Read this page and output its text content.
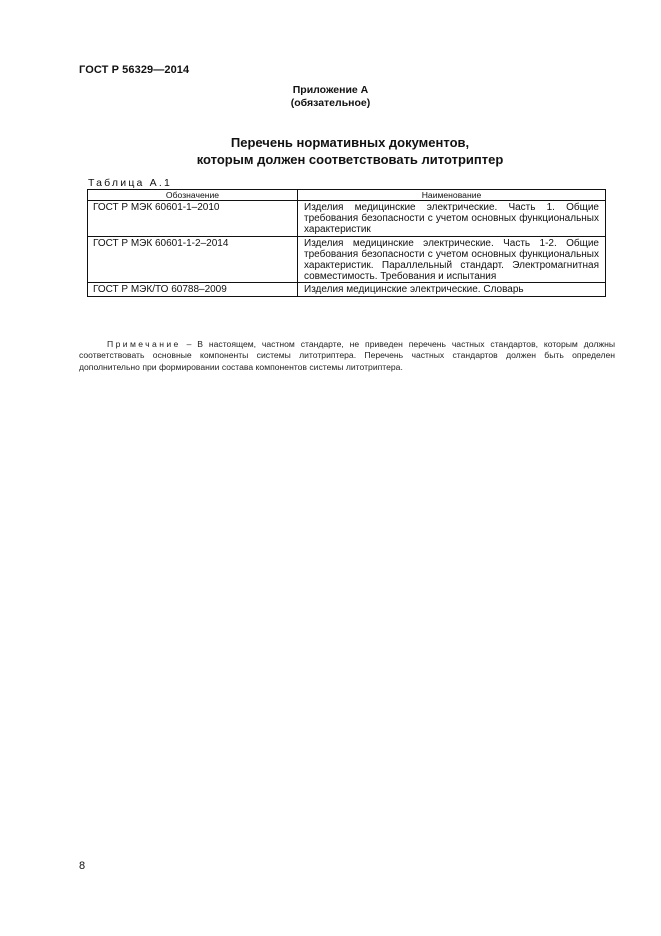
ГОСТ Р 56329—2014
Приложение А
(обязательное)
Перечень нормативных документов,
которым должен соответствовать литотриптер
Таблица А.1
Обозначение	Наименование
ГОСТ Р МЭК 60601-1–2010	Изделия медицинские электрические. Часть 1. Общие требования безопасности с учетом основных функциональных характеристик
ГОСТ Р МЭК 60601-1-2–2014	Изделия медицинские электрические. Часть 1-2. Общие требования безопасности с учетом основных функциональных характеристик. Параллельный стандарт. Электромагнитная совместимость. Требования и испытания
ГОСТ Р МЭК/ТО 60788–2009	Изделия медицинские электрические. Словарь
Примечание – В настоящем, частном стандарте, не приведен перечень частных стандартов, которым должны соответствовать основные компоненты системы литотриптера. Перечень частных стандартов должен быть определен дополнительно при формировании состава компонентов системы литотриптера.
8
